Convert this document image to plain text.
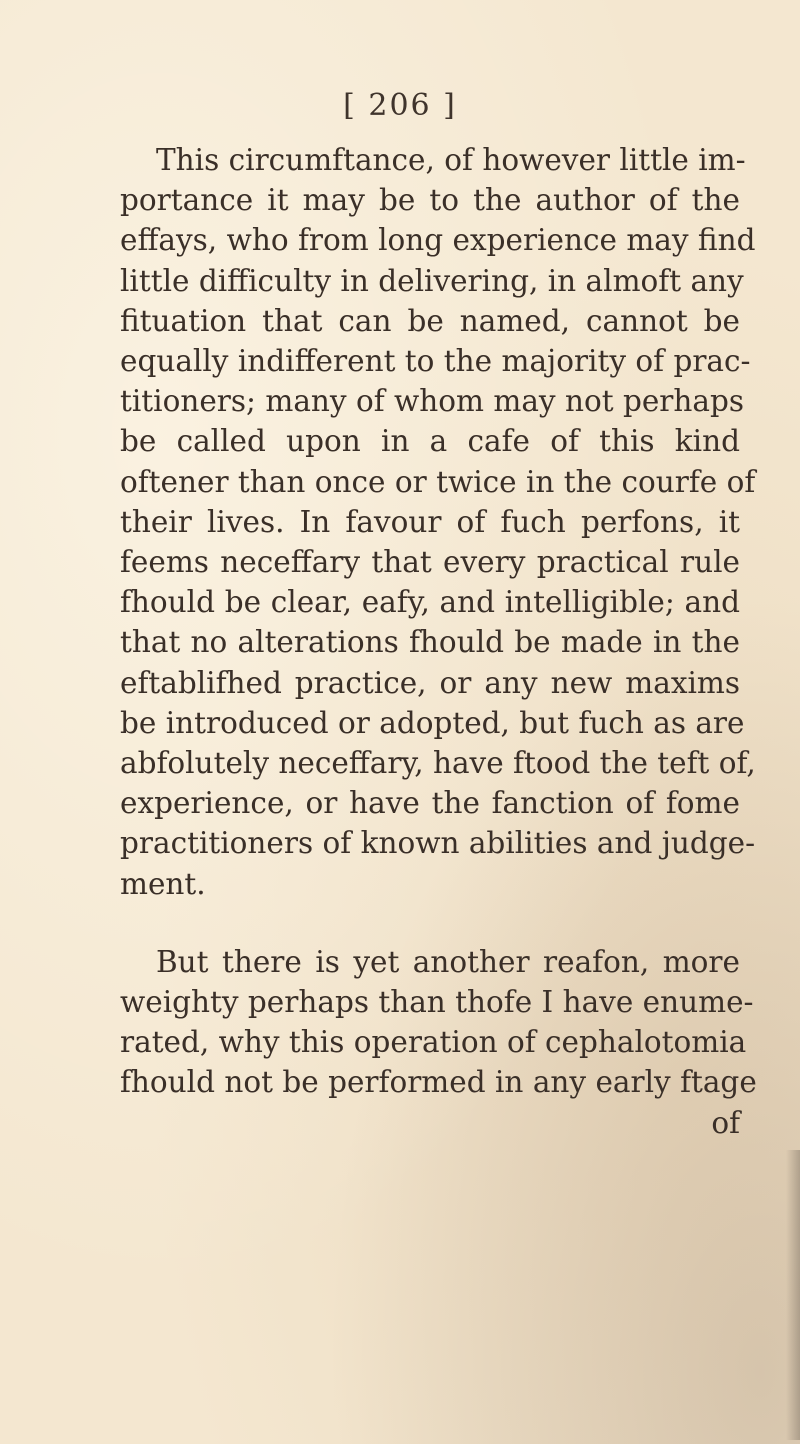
[ 206 ]
This circumftance, of however little im-
portance it may be to the author of the
effays, who from long experience may find
little difficulty in delivering, in almoft any
fituation that can be named, cannot be
equally indifferent to the majority of prac-
titioners; many of whom may not perhaps
be called upon in a cafe of this kind
oftener than once or twice in the courfe of
their lives. In favour of fuch perfons, it
feems neceffary that every practical rule
fhould be clear, eafy, and intelligible; and
that no alterations fhould be made in the
eftablifhed practice, or any new maxims
be introduced or adopted, but fuch as are
abfolutely neceffary, have ftood the teft of,
experience, or have the fanction of fome
practitioners of known abilities and judge-
ment.
But there is yet another reafon, more
weighty perhaps than thofe I have enume-
rated, why this operation of cephalotomia
fhould not be performed in any early ftage
of
